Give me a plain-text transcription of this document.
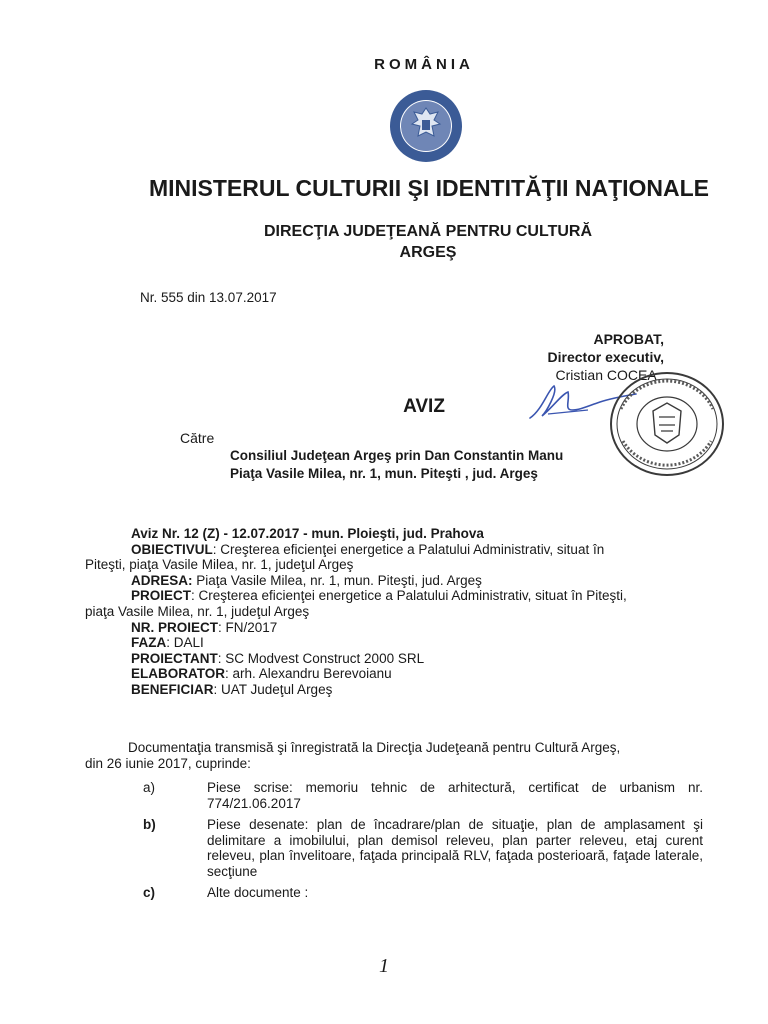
ROMÂNIA
MINISTERUL CULTURII ŞI IDENTITĂŢII NAŢIONALE
DIRECŢIA JUDEŢEANĂ PENTRU CULTURĂ
ARGEŞ
Nr. 555 din 13.07.2017
APROBAT,
Director executiv,
Cristian COCEA
AVIZ
Către
Consiliul Judeţean Argeş prin Dan Constantin Manu
Piaţa Vasile Milea, nr. 1, mun. Piteşti , jud. Argeş
Aviz Nr. 12 (Z) - 12.07.2017 - mun. Ploieşti, jud. Prahova
OBIECTIVUL: Creşterea eficienţei energetice a Palatului Administrativ, situat în
Piteşti, piaţa Vasile Milea, nr. 1, judeţul Argeş
ADRESA: Piaţa Vasile Milea, nr. 1, mun. Piteşti, jud. Argeş
PROIECT: Creşterea eficienţei energetice a Palatului Administrativ, situat în Piteşti,
piaţa Vasile Milea, nr. 1, judeţul Argeş
NR. PROIECT: FN/2017
FAZA: DALI
PROIECTANT: SC Modvest Construct 2000 SRL
ELABORATOR: arh. Alexandru Berevoianu
BENEFICIAR: UAT Judeţul Argeş
Documentaţia transmisă şi înregistrată la Direcţia Judeţeană pentru Cultură Argeş,
din 26 iunie 2017, cuprinde:
a)	Piese scrise: memoriu tehnic de arhitectură, certificat de urbanism nr. 774/21.06.2017
b)	Piese desenate: plan de încadrare/plan de situaţie, plan de amplasament şi delimitare a imobilului, plan demisol releveu, plan parter releveu, etaj curent releveu, plan învelitoare, faţada principală RLV, faţada posterioară, faţade laterale, secţiune
c)	Alte documente :
1
